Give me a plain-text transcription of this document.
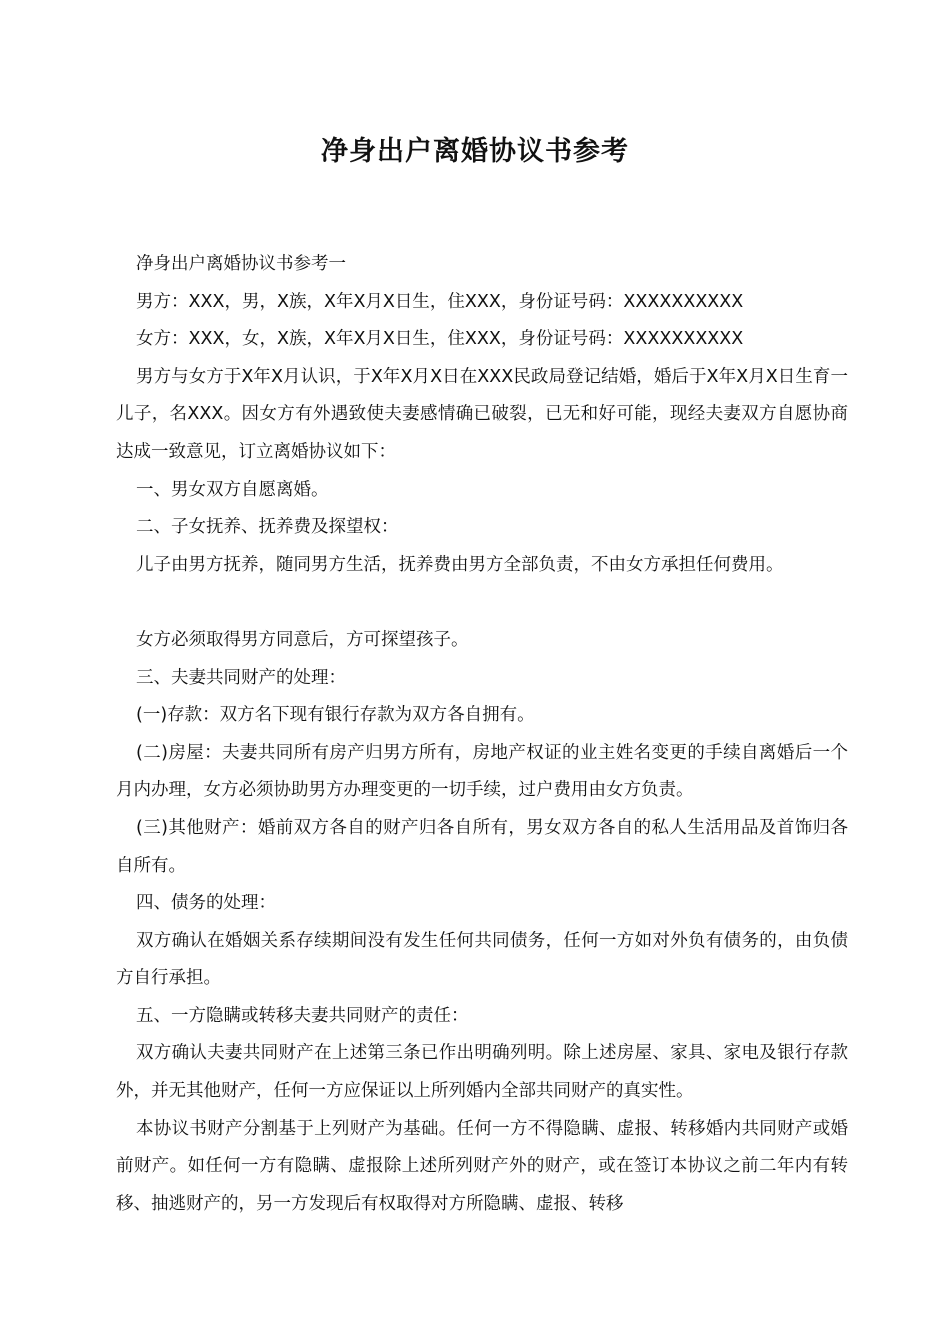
净身出户离婚协议书参考

净身出户离婚协议书参考一

男方：XXX，男，X族，X年X月X日生，住XXX，身份证号码：XXXXXXXXXX

女方：XXX，女，X族，X年X月X日生，住XXX，身份证号码：XXXXXXXXXX

男方与女方于X年X月认识，于X年X月X日在XXX民政局登记结婚，婚后于X年X月X日生育一儿子，名XXX。因女方有外遇致使夫妻感情确已破裂，已无和好可能，现经夫妻双方自愿协商达成一致意见，订立离婚协议如下：

一、男女双方自愿离婚。

二、子女抚养、抚养费及探望权：

儿子由男方抚养，随同男方生活，抚养费由男方全部负责，不由女方承担任何费用。

女方必须取得男方同意后，方可探望孩子。

三、夫妻共同财产的处理：

(一)存款：双方名下现有银行存款为双方各自拥有。

(二)房屋：夫妻共同所有房产归男方所有，房地产权证的业主姓名变更的手续自离婚后一个月内办理，女方必须协助男方办理变更的一切手续，过户费用由女方负责。

(三)其他财产：婚前双方各自的财产归各自所有，男女双方各自的私人生活用品及首饰归各自所有。

四、债务的处理：

双方确认在婚姻关系存续期间没有发生任何共同债务，任何一方如对外负有债务的，由负债方自行承担。

五、一方隐瞒或转移夫妻共同财产的责任：

双方确认夫妻共同财产在上述第三条已作出明确列明。除上述房屋、家具、家电及银行存款外，并无其他财产，任何一方应保证以上所列婚内全部共同财产的真实性。

本协议书财产分割基于上列财产为基础。任何一方不得隐瞒、虚报、转移婚内共同财产或婚前财产。如任何一方有隐瞒、虚报除上述所列财产外的财产，或在签订本协议之前二年内有转移、抽逃财产的，另一方发现后有权取得对方所隐瞒、虚报、转移
